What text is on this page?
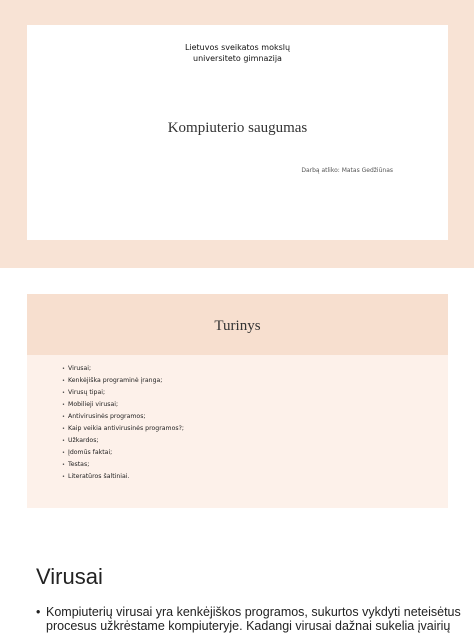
Lietuvos sveikatos mokslų
universiteto gimnazija
Kompiuterio saugumas
Darbą atliko: Matas Gedžiūnas
Turinys
• Virusai;
• Kenkėjiška programinė įranga;
• Virusų tipai;
• Mobilieji virusai;
• Antivirusinės programos;
• Kaip veikia antivirusinės programos?;
• Užkardos;
• Įdomūs faktai;
• Testas;
• Literatūros šaltiniai.
Virusai
• Kompiuterių virusai yra kenkėjiškos programos, sukurtos vykdyti neteisėtus
procesus užkrėstame kompiuteryje. Kadangi virusai dažnai sukelia įvairių
